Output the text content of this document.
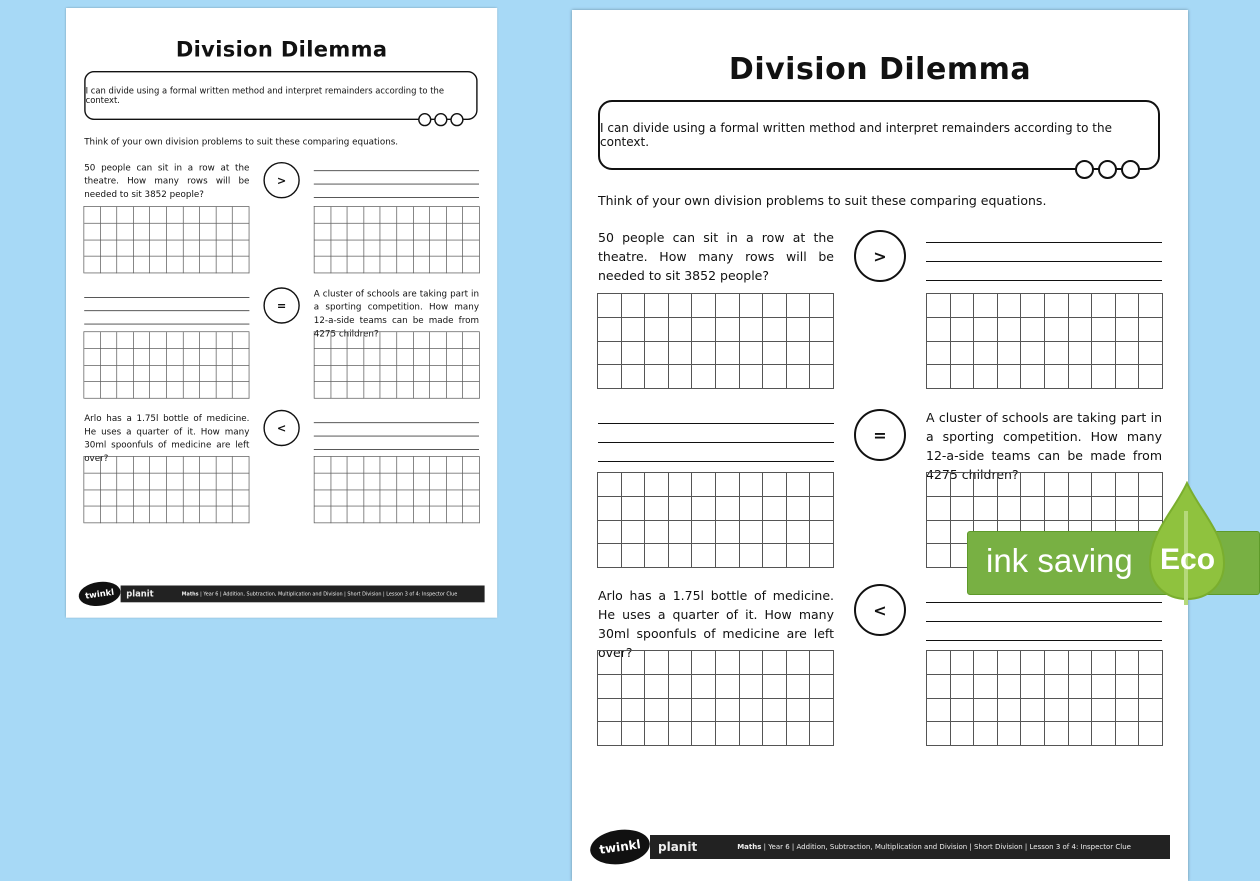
Division Dilemma
I can divide using a formal written method and interpret remainders according to the context.
Think of your own division problems to suit these comparing equations.
50 people can sit in a row at the theatre. How many rows will be needed to sit 3852 people?
>
=
A cluster of schools are taking part in a sporting competition. How many 12-a-side teams can be made from 4275 children?
Arlo has a 1.75l bottle of medicine. He uses a quarter of it. How many 30ml spoonfuls of medicine are left over?
<
twinkl planit	Maths | Year 6 | Addition, Subtraction, Multiplication and Division | Short Division | Lesson 3 of 4: Inspector Clue
Division Dilemma
I can divide using a formal written method and interpret remainders according to the context.
Think of your own division problems to suit these comparing equations.
50 people can sit in a row at the theatre. How many rows will be needed to sit 3852 people?
>
=
A cluster of schools are taking part in a sporting competition. How many 12-a-side teams can be made from 4275 children?
Arlo has a 1.75l bottle of medicine. He uses a quarter of it. How many 30ml spoonfuls of medicine are left over?
<
twinkl	planit	Maths | Year 6 | Addition, Subtraction, Multiplication and Division | Short Division | Lesson 3 of 4: Inspector Clue
ink saving Eco
